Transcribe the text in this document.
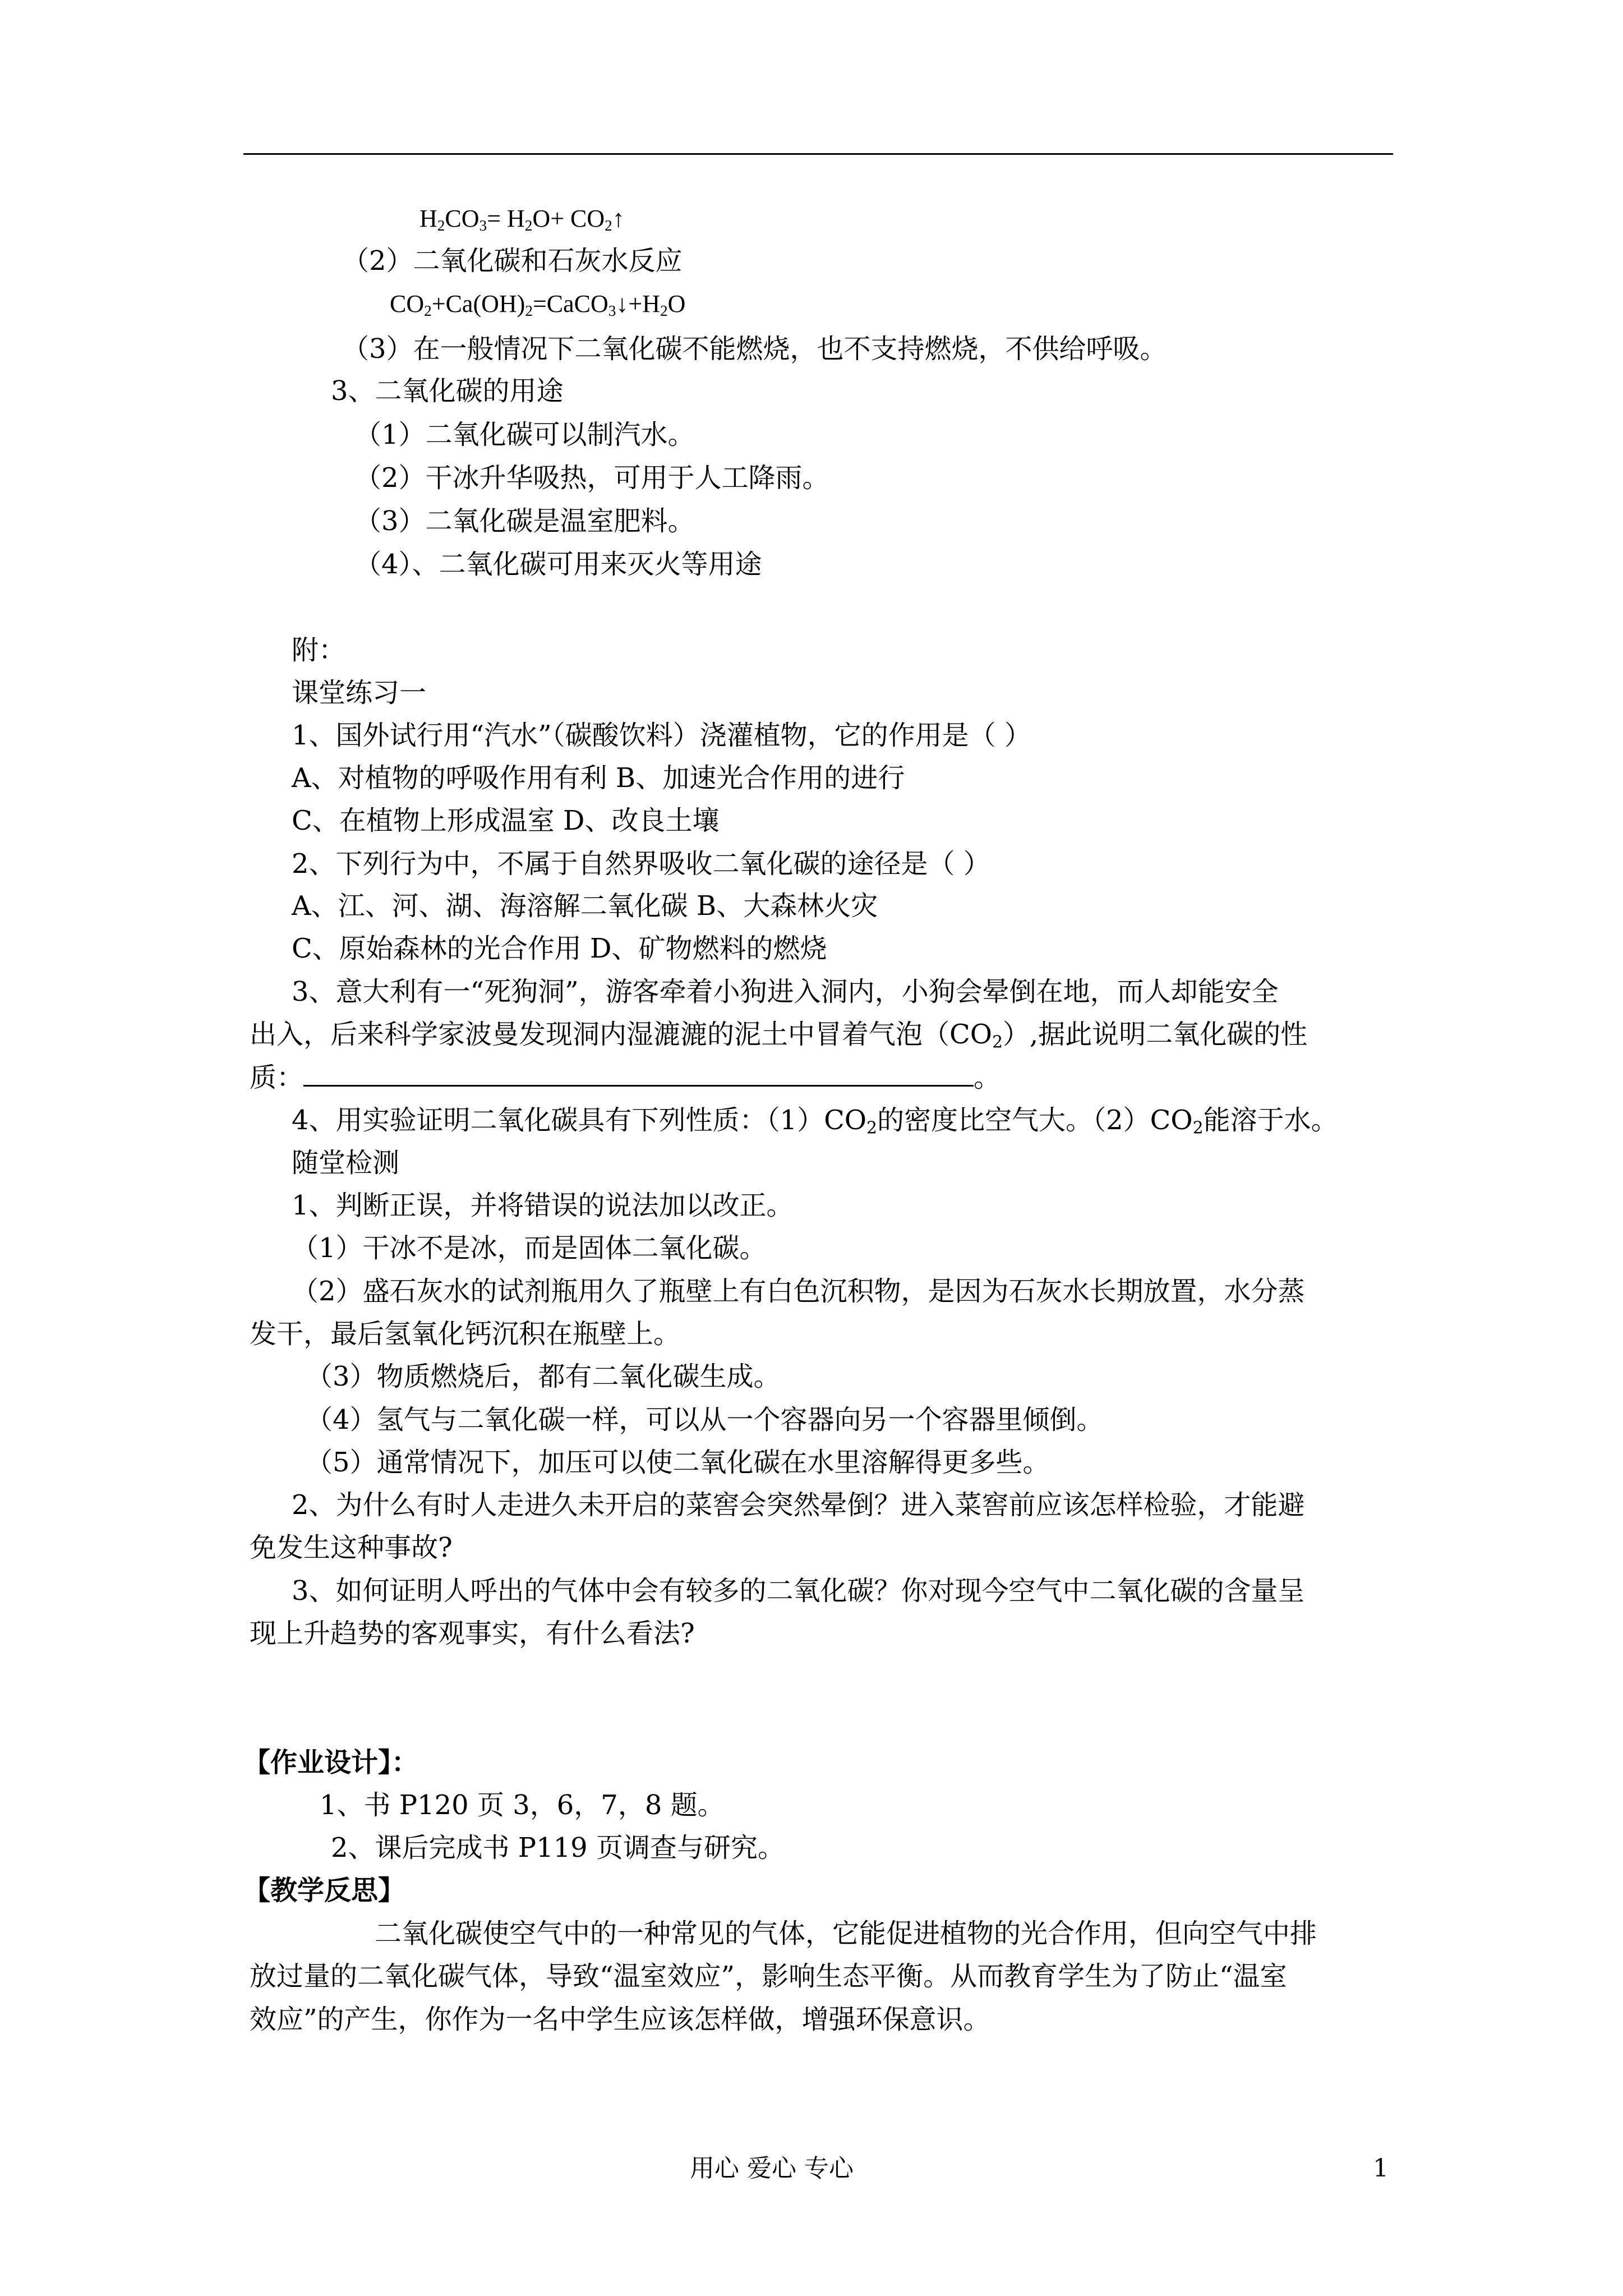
$H_2CO_3= H_2O+$ $CO_2↑$
（2）二氧化碳和石灰水反应
$CO_2+Ca(OH)_2=CaCO_3↓+H_2O$
（3）在一般情况下二氧化碳不能燃烧，也不支持燃烧，不供给呼吸。
3、二氧化碳的用途
（1）二氧化碳可以制汽水。
（2）干冰升华吸热，可用于人工降雨。
（3）二氧化碳是温室肥料。
（4）、二氧化碳可用来灭火等用途
附：
课堂练习一
1、国外试行用“汽水”（碳酸饮料）浇灌植物，它的作用是（ ）
A、对植物的呼吸作用有利 B、加速光合作用的进行
C、在植物上形成温室 D、改良土壤
2、下列行为中，不属于自然界吸收二氧化碳的途径是（ ）
A、江、河、湖、海溶解二氧化碳 B、大森林火灾
C、原始森林的光合作用 D、矿物燃料的燃烧
3、意大利有一“死狗洞”，游客牵着小狗进入洞内，小狗会晕倒在地，而人却能安全
出入，后来科学家波曼发现洞内湿漉漉的泥土中冒着气泡$(CO_2)$,据此说明二氧化碳的性
质：	。
4、用实验证明二氧化碳具有下列性质：$(1)CO_2$的密度比空气大。$(2)CO_2$能溶于水。
随堂检测
1、判断正误，并将错误的说法加以改正。
（1）干冰不是冰，而是固体二氧化碳。
（2）盛石灰水的试剂瓶用久了瓶壁上有白色沉积物，是因为石灰水长期放置，水分蒸
发干，最后氢氧化钙沉积在瓶壁上。
（3）物质燃烧后，都有二氧化碳生成。
（4）氢气与二氧化碳一样，可以从一个容器向另一个容器里倾倒。
（5）通常情况下，加压可以使二氧化碳在水里溶解得更多些。
2、为什么有时人走进久未开启的菜窖会突然晕倒？进入菜窖前应该怎样检验，才能避
免发生这种事故?
3、如何证明人呼出的气体中会有较多的二氧化碳？你对现今空气中二氧化碳的含量呈
现上升趋势的客观事实，有什么看法?
【作业设计】：
1、书 P120 页 3，6，7，8 题。
2、课后完成书 P119 页调查与研究。
【教学反思】
二氧化碳使空气中的一种常见的气体，它能促进植物的光合作用，但向空气中排
放过量的二氧化碳气体，导致“温室效应”，影响生态平衡。从而教育学生为了防止“温室
效应”的产生，你作为一名中学生应该怎样做，增强环保意识。
用心 爱心 专心	1
